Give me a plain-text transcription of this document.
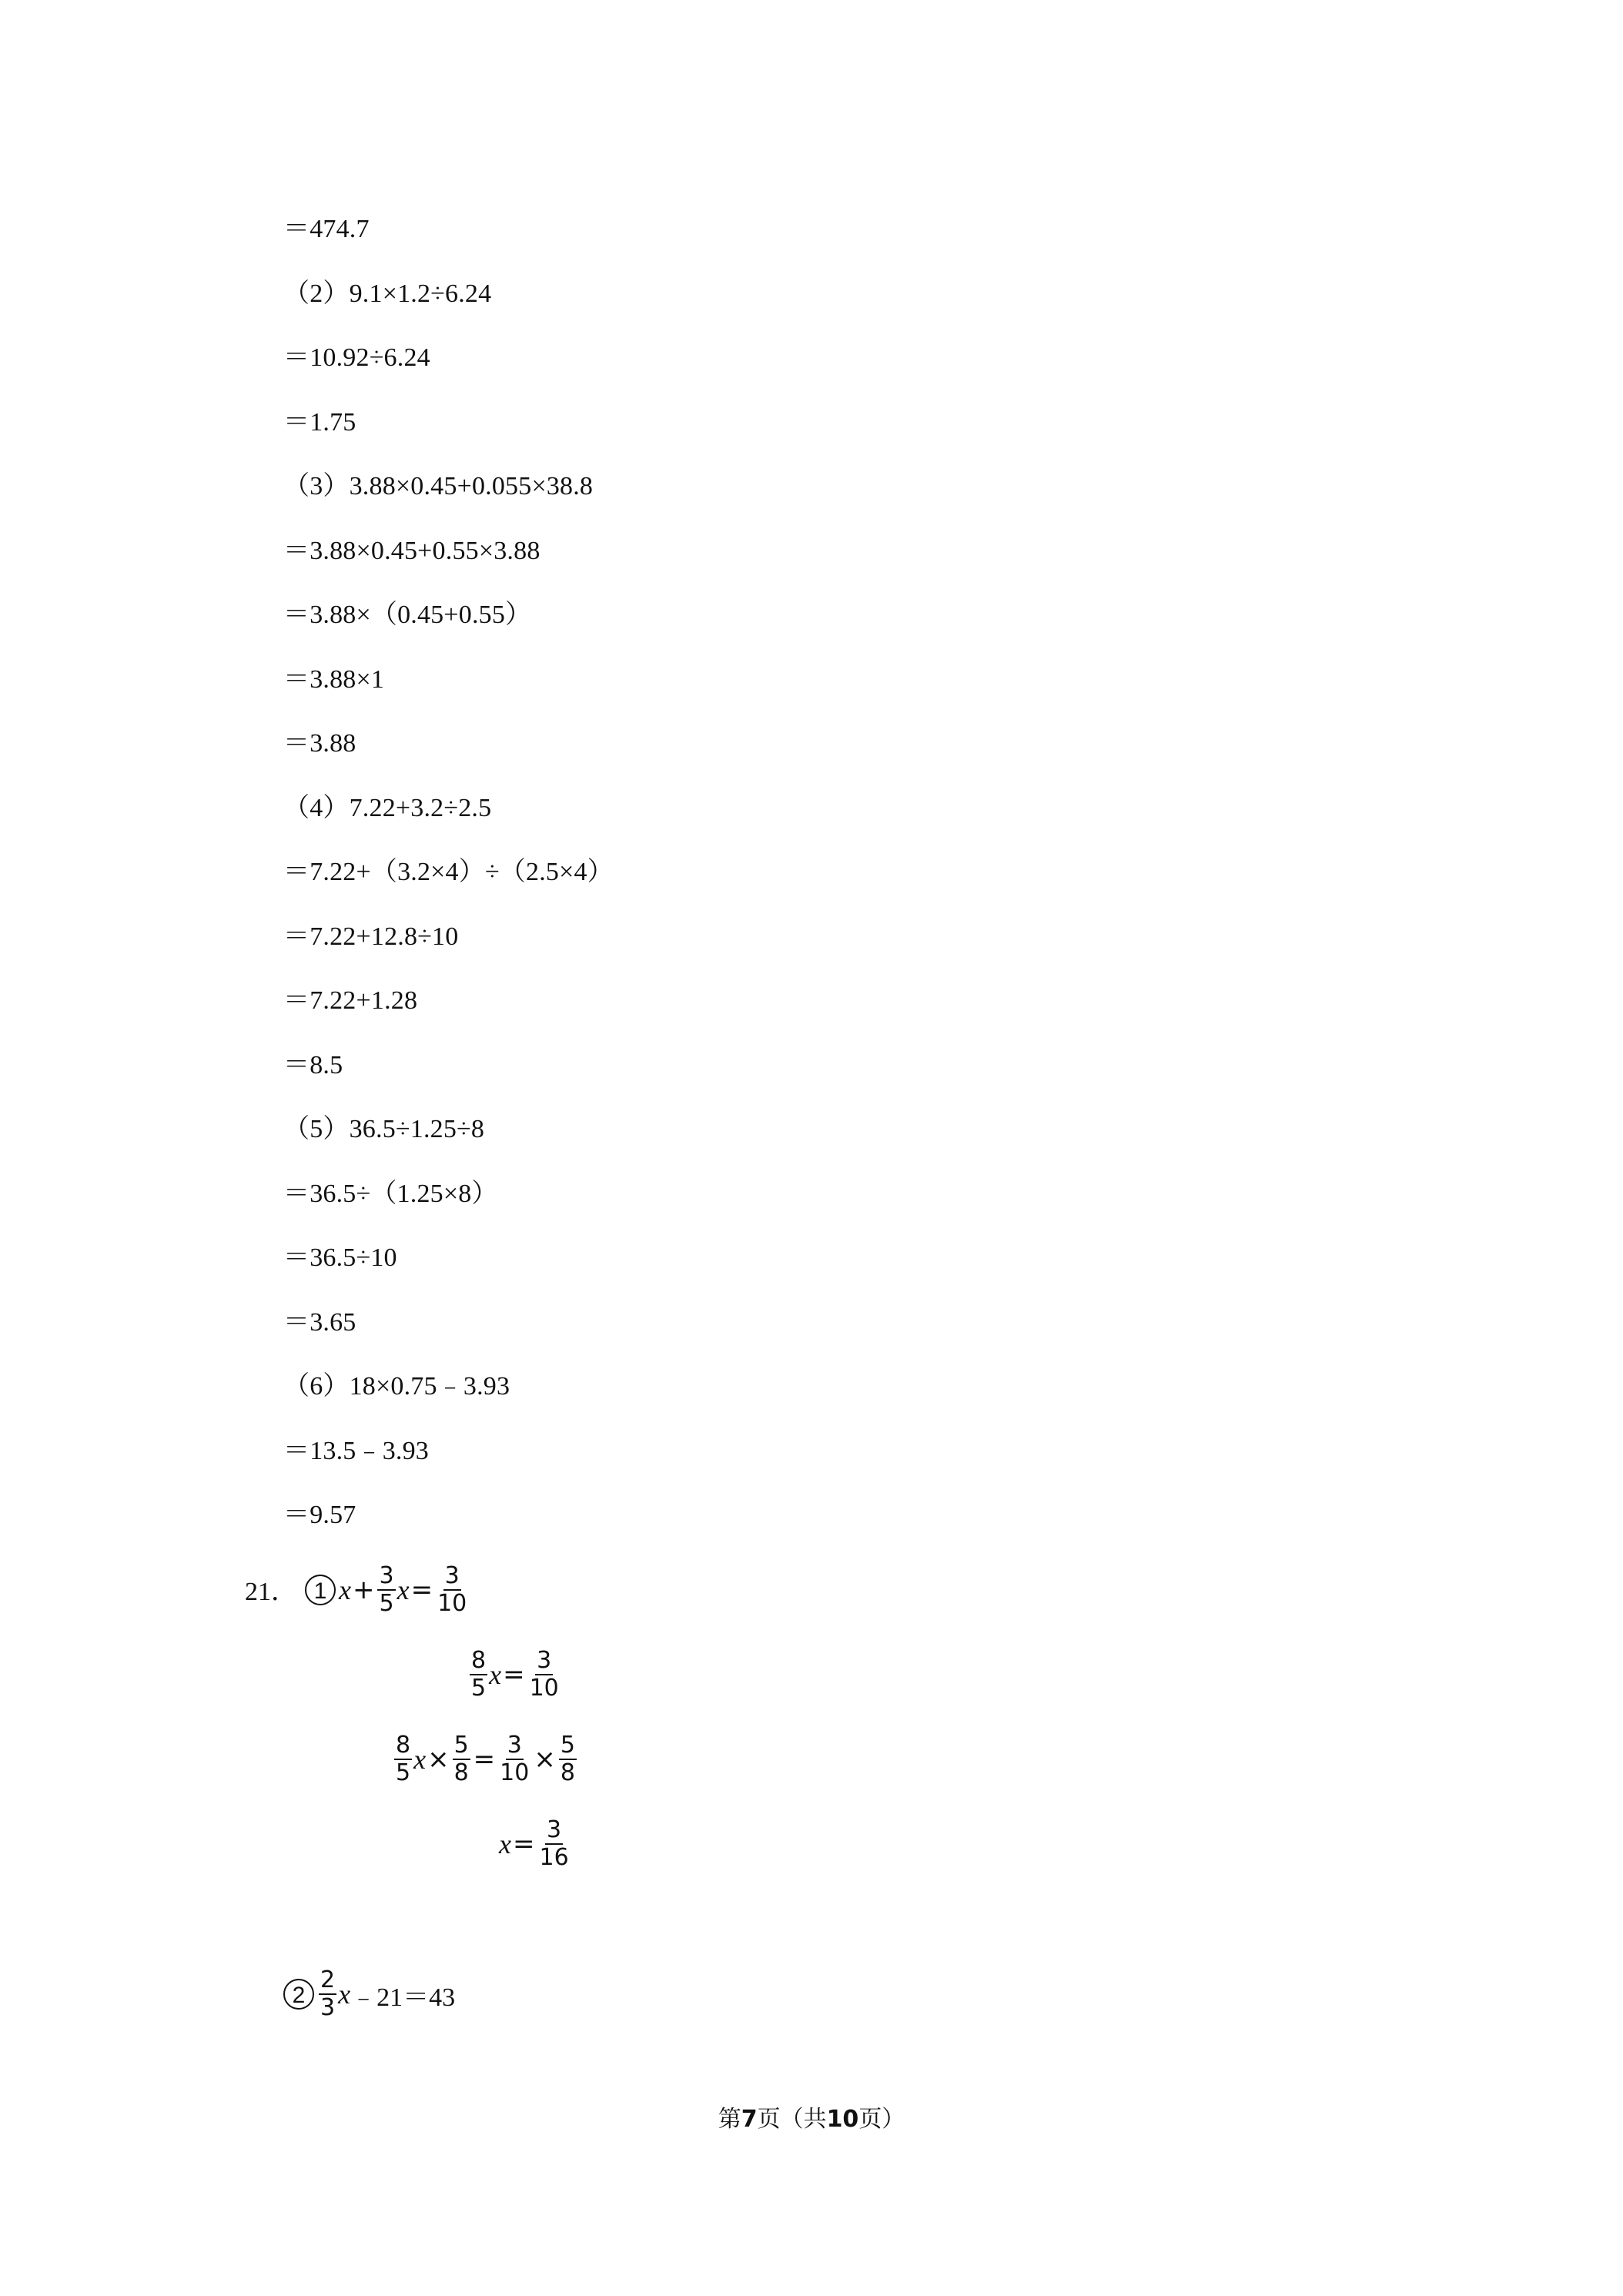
＝474.7
（2）9.1×1.2÷6.24
＝10.92÷6.24
＝1.75
（3）3.88×0.45+0.055×38.8
＝3.88×0.45+0.55×3.88
＝3.88×（0.45+0.55）
＝3.88×1
＝3.88
（4）7.22+3.2÷2.5
＝7.22+（3.2×4）÷（2.5×4）
＝7.22+12.8÷10
＝7.22+1.28
＝8.5
（5）36.5÷1.25÷8
＝36.5÷（1.25×8）
＝36.5÷10
＝3.65
（6）18×0.75﹣3.93
＝13.5﹣3.93
＝9.57
21． 1 $x + \frac{3}{5}$ $x = \frac{3}{10}$
$\frac{8}{5}$ $x = \frac{3}{10}$
$\frac{8}{5}$ $x \times \frac{5}{8} = \frac{3}{10} \times \frac{5}{8}$
$x = \frac{3}{16}$
$2 \frac{2}{3}$ x ﹣21＝43
第7页（共10页）
